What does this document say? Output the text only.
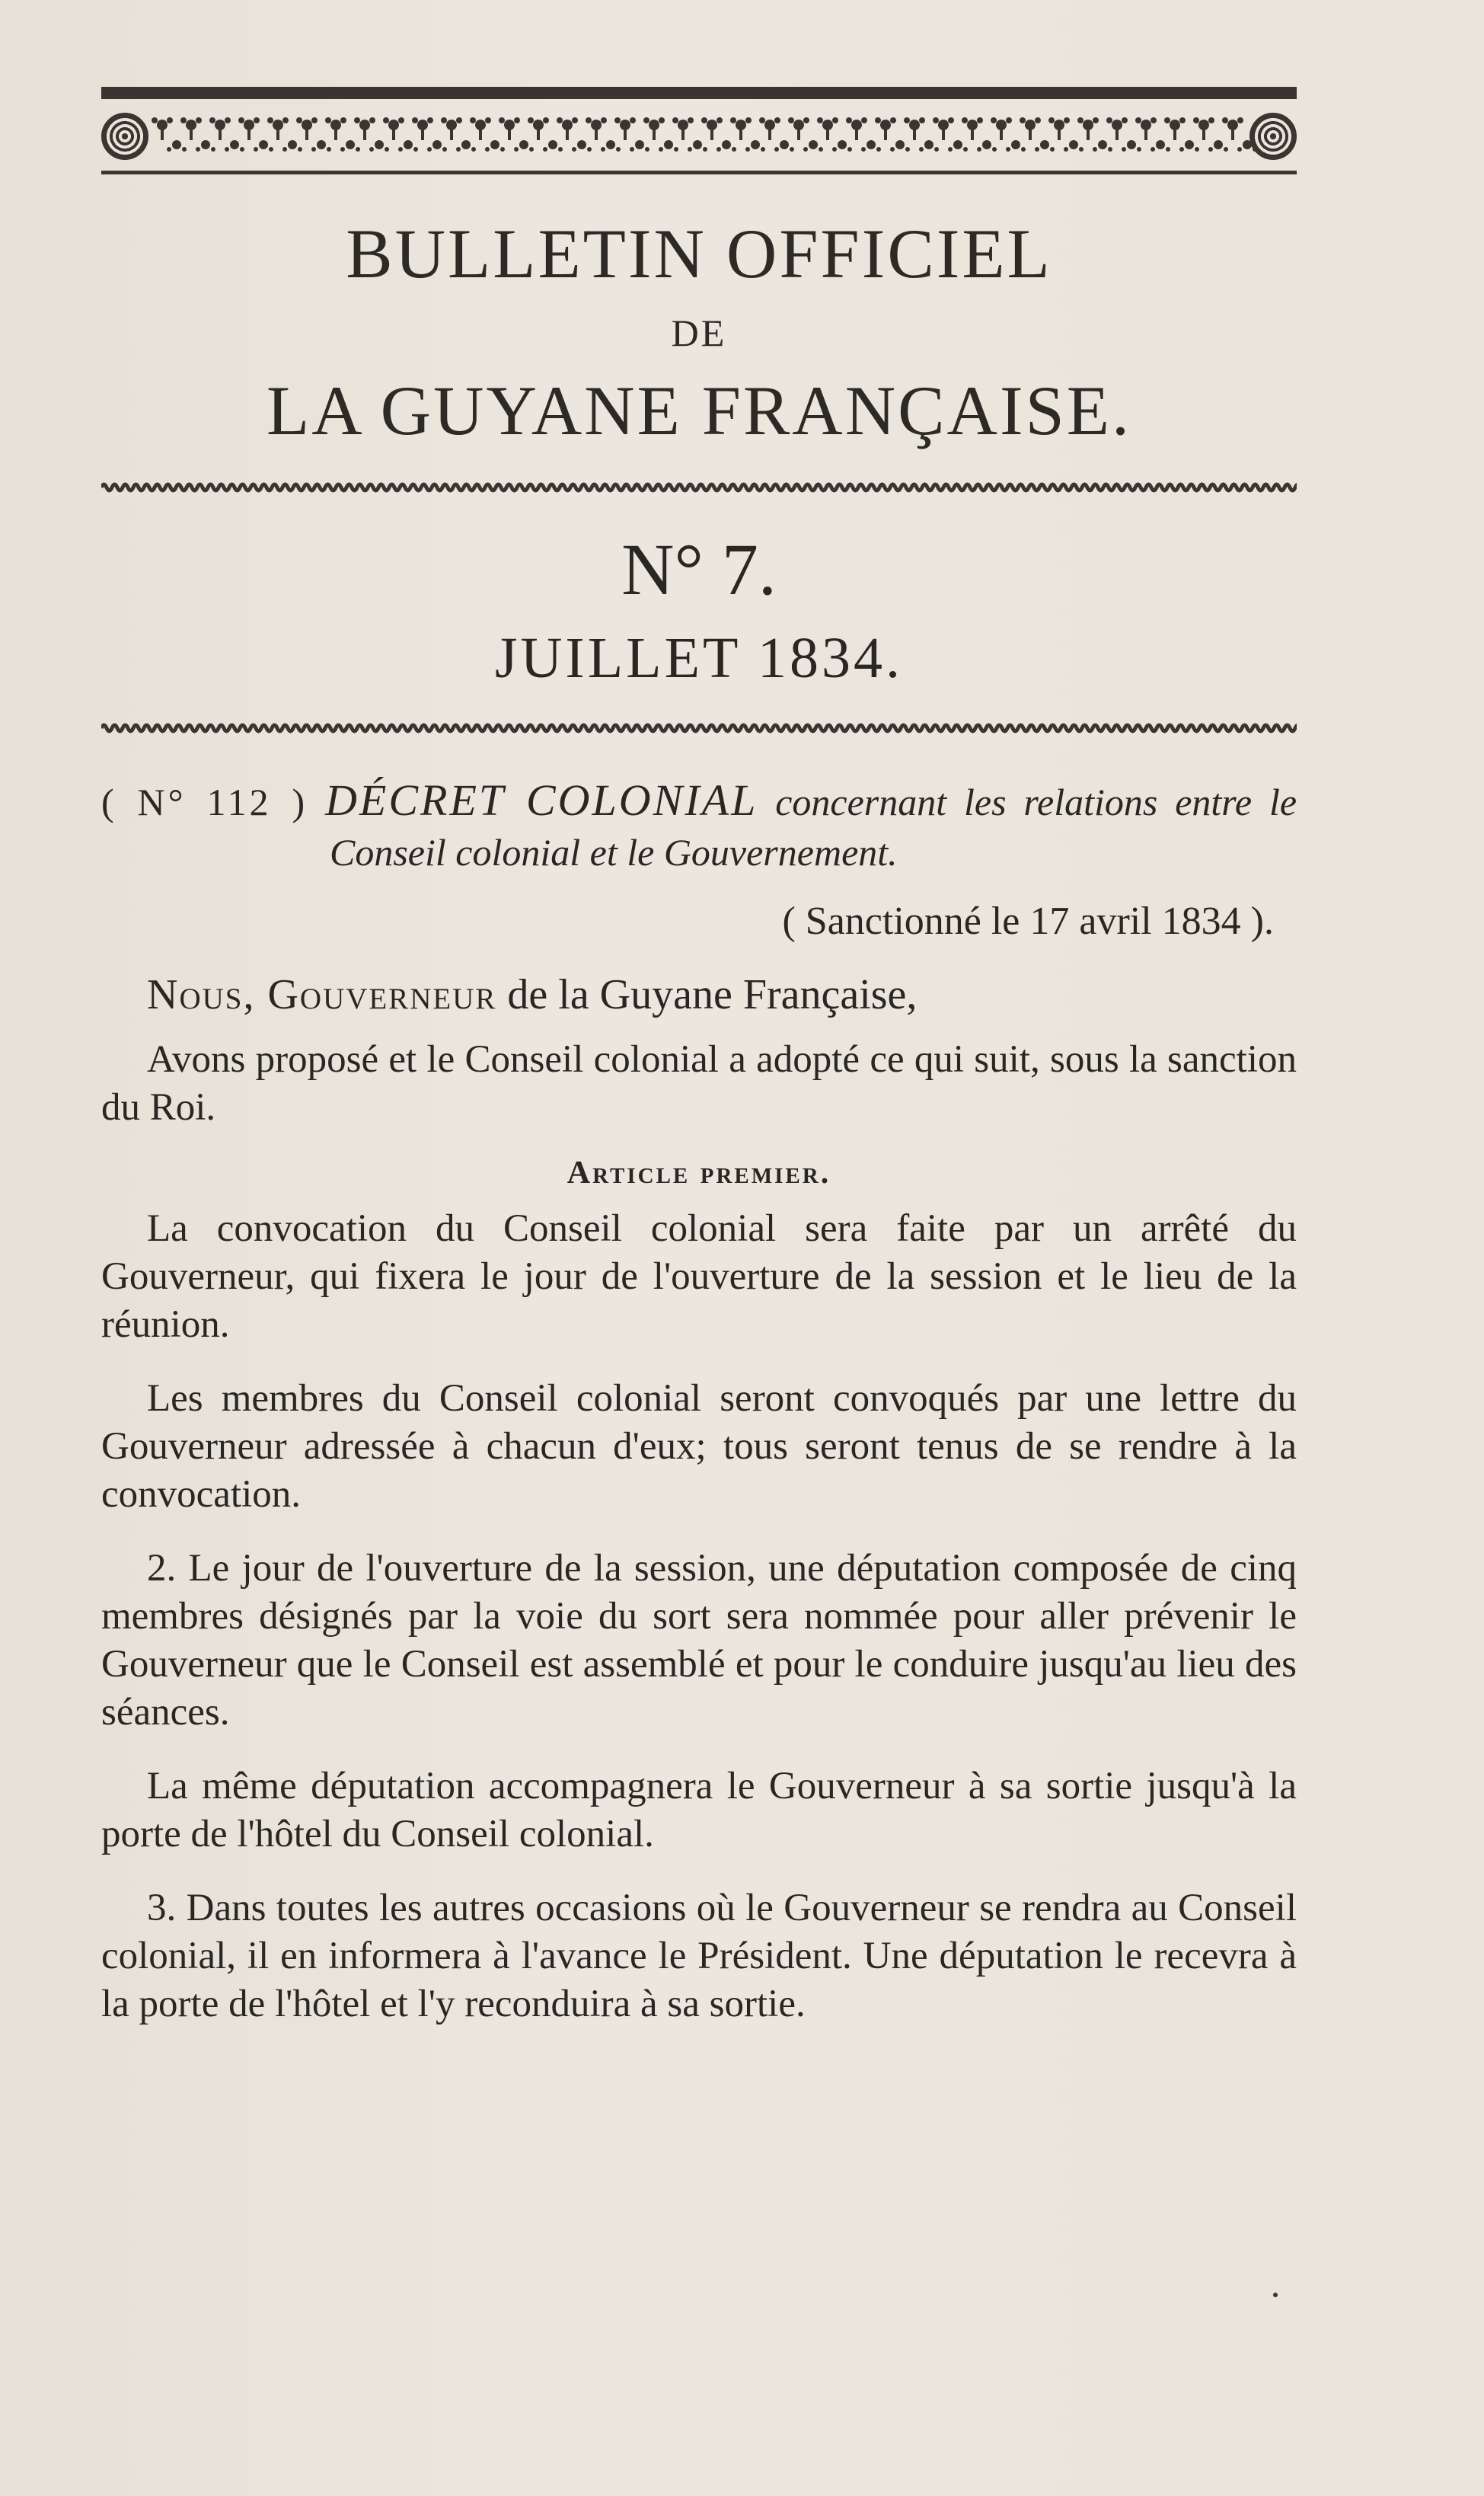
BULLETIN OFFICIEL

DE

LA GUYANE FRANÇAISE.

N° 7.
JUILLET 1834.
( N° 112 ) DÉCRET COLONIAL concernant les relations entre le Conseil colonial et le Gouvernement.
( Sanctionné le 17 avril 1834 ).

Nous, Gouverneur de la Guyane Française,

Avons proposé et le Conseil colonial a adopté ce qui suit, sous la sanction du Roi.

Article premier.

La convocation du Conseil colonial sera faite par un arrêté du Gouverneur, qui fixera le jour de l'ouverture de la session et le lieu de la réunion.

Les membres du Conseil colonial seront convoqués par une lettre du Gouverneur adressée à chacun d'eux; tous seront tenus de se rendre à la convocation.

2. Le jour de l'ouverture de la session, une députation composée de cinq membres désignés par la voie du sort sera nommée pour aller prévenir le Gouverneur que le Conseil est assemblé et pour le conduire jusqu'au lieu des séances.

La même députation accompagnera le Gouverneur à sa sortie jusqu'à la porte de l'hôtel du Conseil colonial.

3. Dans toutes les autres occasions où le Gouverneur se rendra au Conseil colonial, il en informera à l'avance le Président. Une députation le recevra à la porte de l'hôtel et l'y reconduira à sa sortie.
